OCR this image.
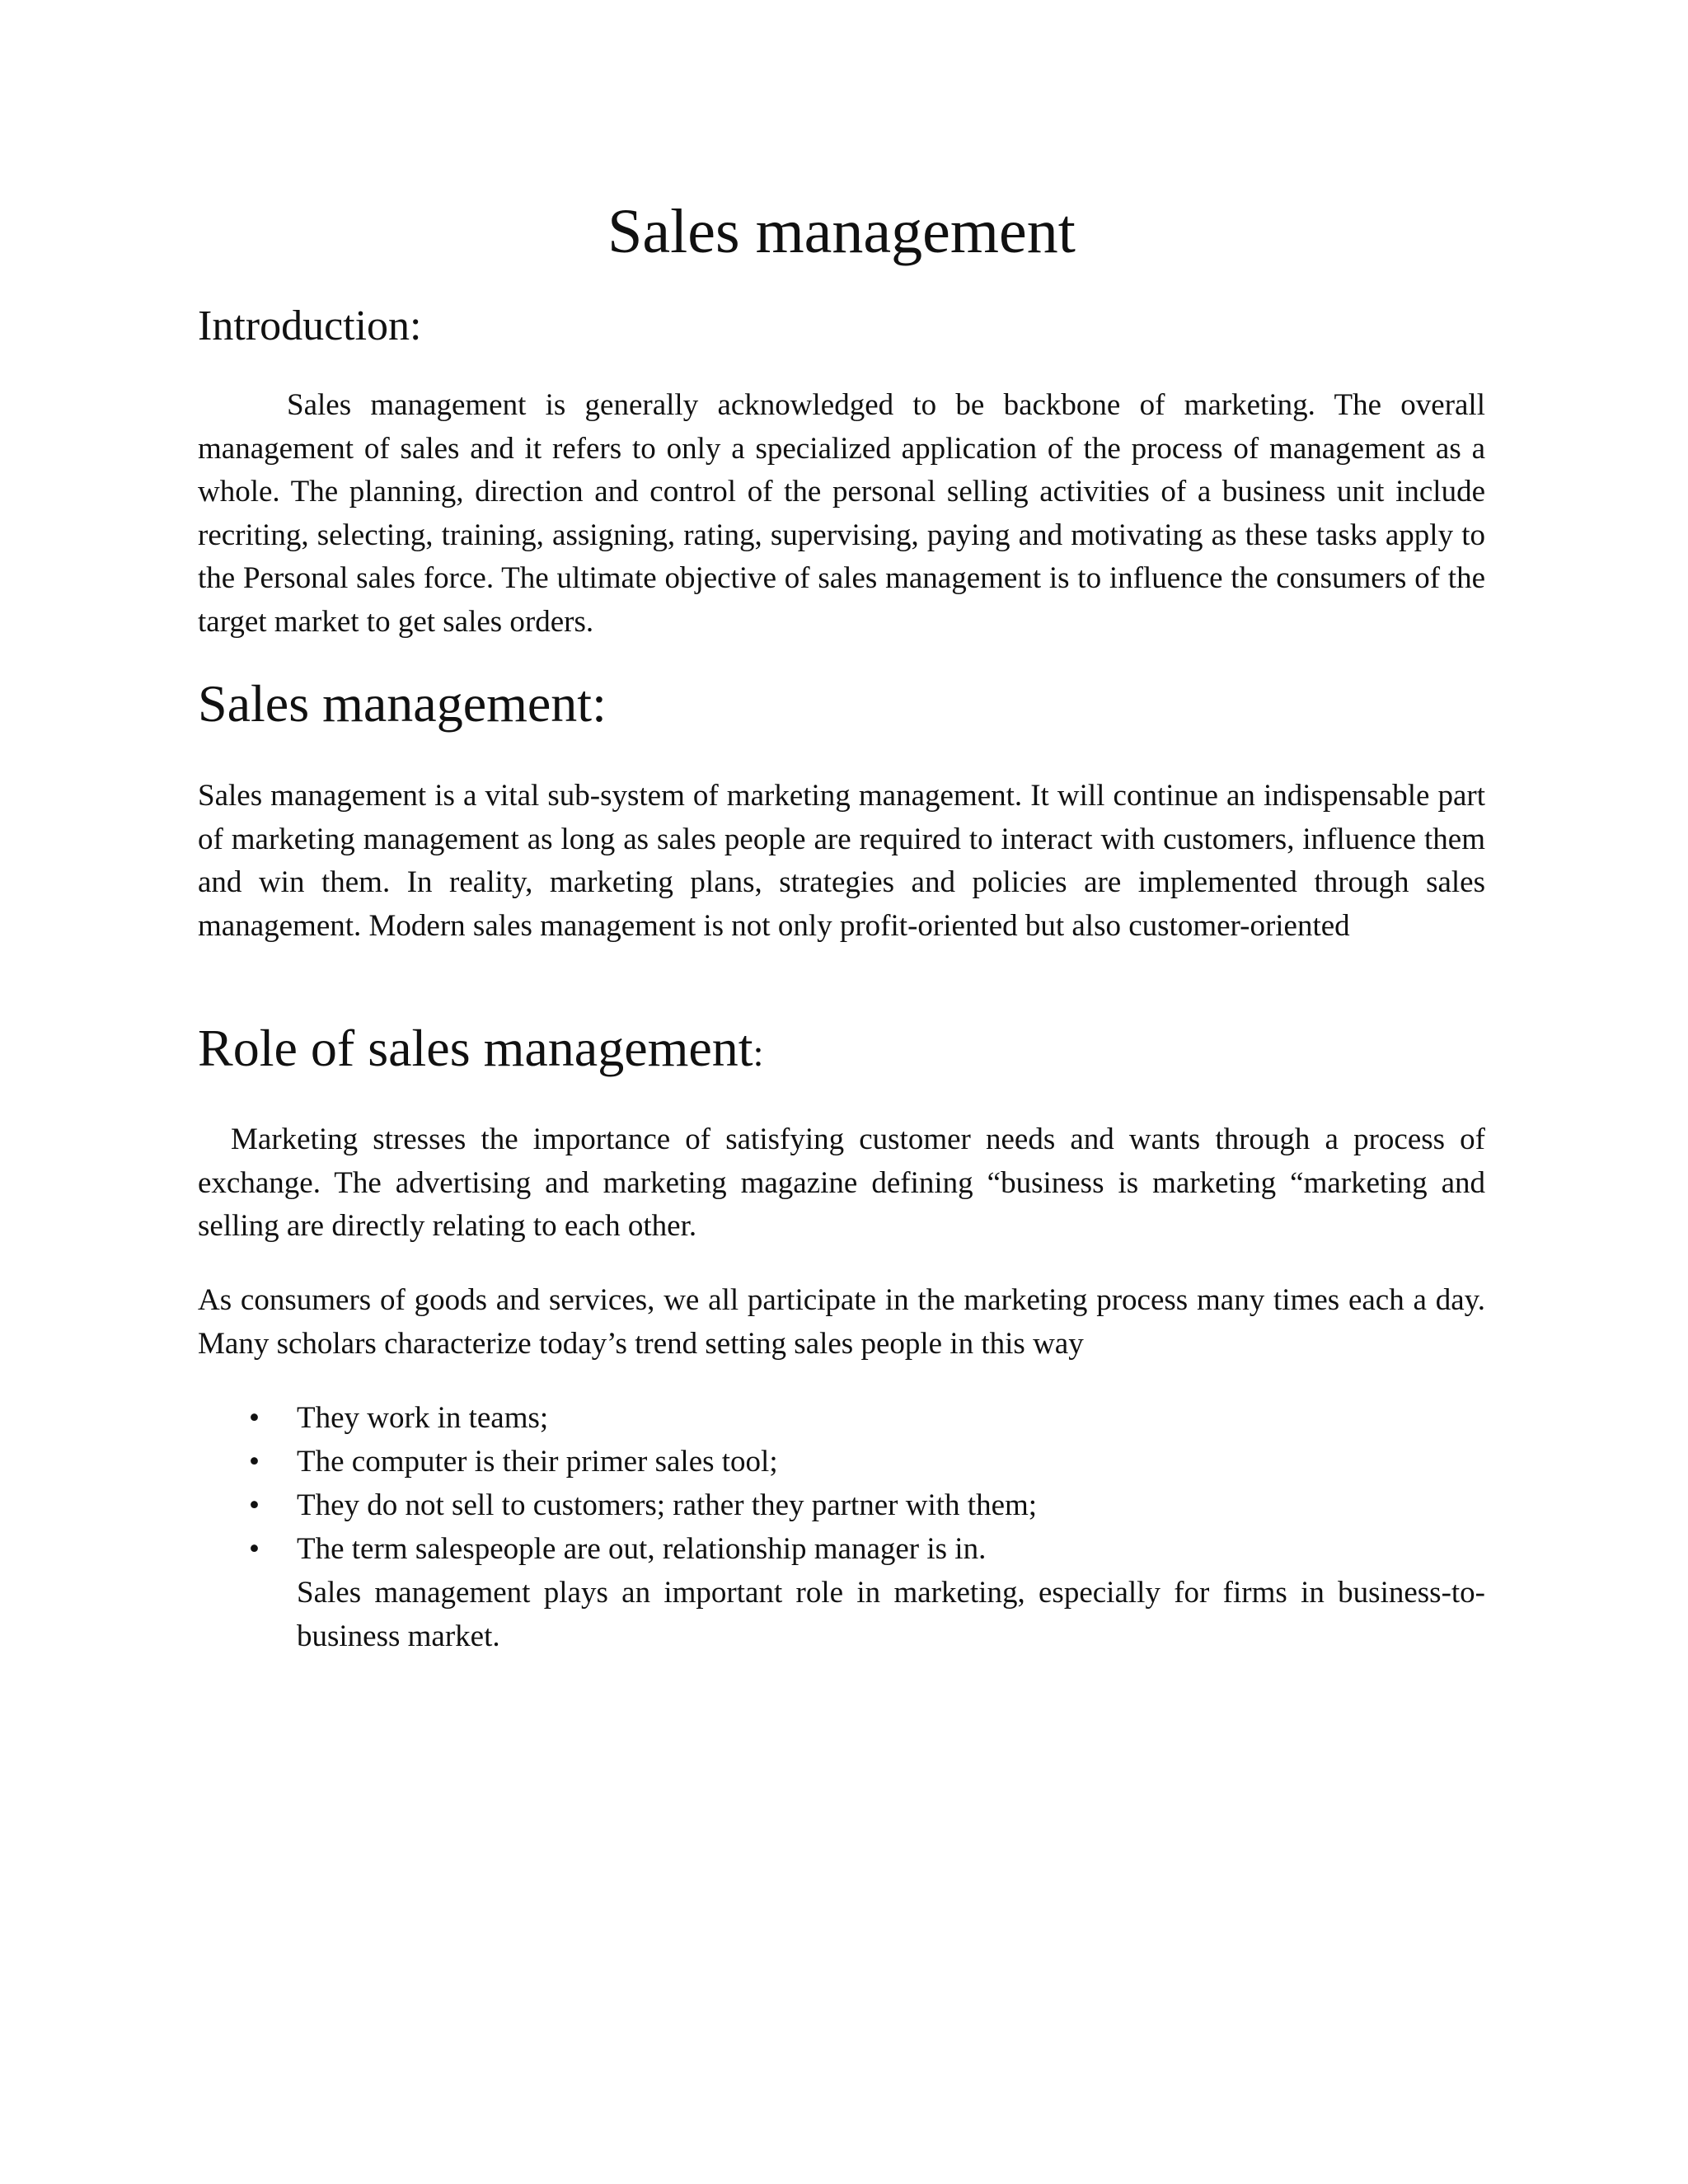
Sales management
Introduction:

Sales management is generally acknowledged to be backbone of marketing. The overall management of sales and it refers to only a specialized application of the process of management as a whole. The planning, direction and control of the personal selling activities of a business unit include recriting, selecting, training, assigning, rating, supervising, paying and motivating as these tasks apply to the Personal sales force. The ultimate objective of sales management is to influence the consumers of the target market to get sales orders.

Sales management:

Sales management is a vital sub-system of marketing management. It will continue an indispensable part of marketing management as long as sales people are required to interact with customers, influence them and win them. In reality, marketing plans, strategies and policies are implemented through sales management. Modern sales management is not only profit-oriented but also customer-oriented

Role of sales management:

Marketing stresses the importance of satisfying customer needs and wants through a process of exchange. The advertising and marketing magazine defining “business is marketing “marketing and selling are directly relating to each other.

As consumers of goods and services, we all participate in the marketing process many times each a day. Many scholars characterize today’s trend setting sales people in this way

• They work in teams;
• The computer is their primer sales tool;
• They do not sell to customers; rather they partner with them;
• The term salespeople are out, relationship manager is in.
Sales management plays an important role in marketing, especially for firms in business-to-business market.
